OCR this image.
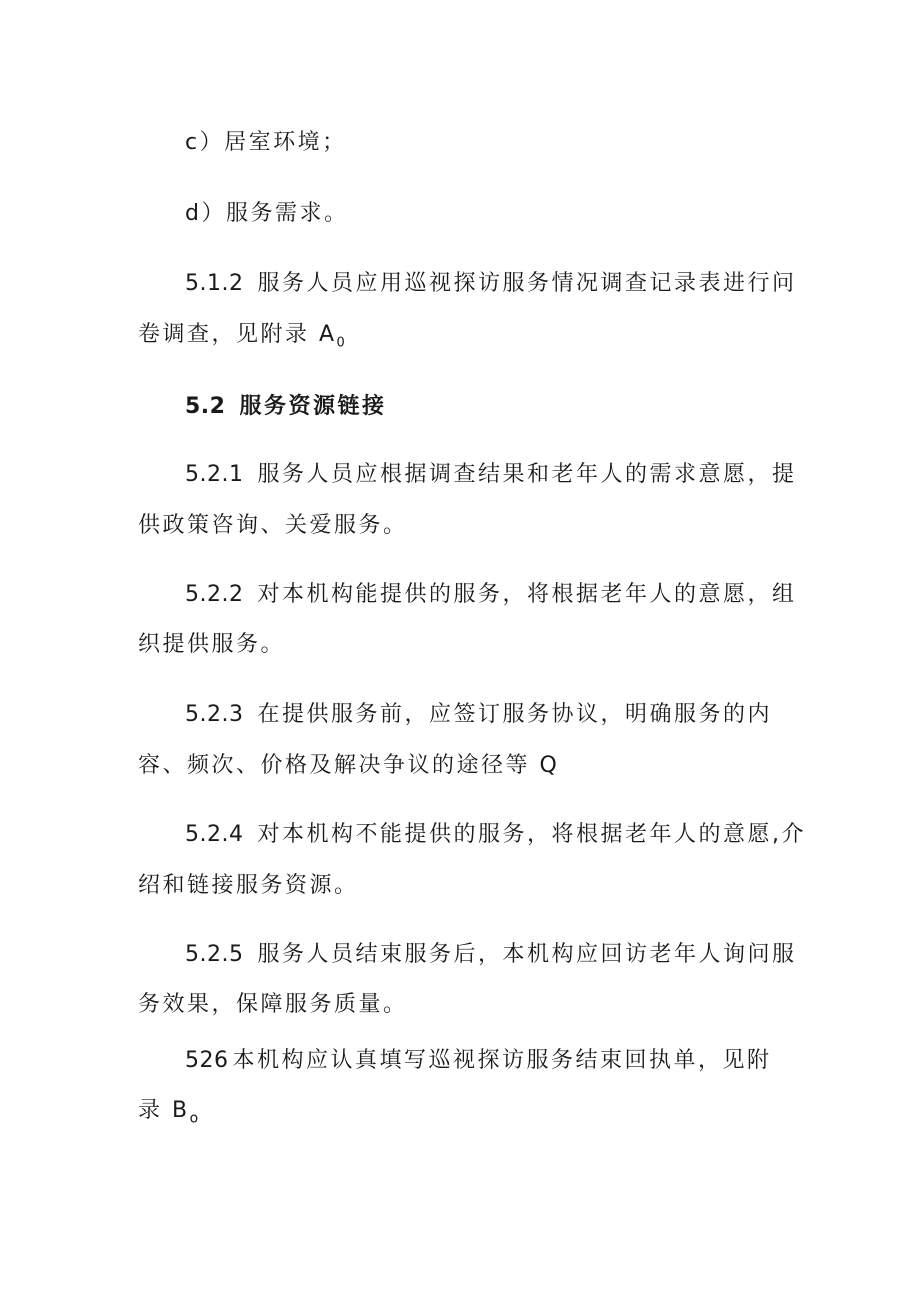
c）居室环境；
d）服务需求。
5.1.2 服务人员应用巡视探访服务情况调查记录表进行问
卷调查，见附录 $A_0$
5.2 服务资源链接
5.2.1 服务人员应根据调查结果和老年人的需求意愿，提
供政策咨询、关爱服务。
5.2.2 对本机构能提供的服务，将根据老年人的意愿，组
织提供服务。
5.2.3 在提供服务前，应签订服务协议，明确服务的内
容、频次、价格及解决争议的途径等 Q
5.2.4 对本机构不能提供的服务，将根据老年人的意愿,介
绍和链接服务资源。
5.2.5 服务人员结束服务后，本机构应回访老年人询问服
务效果，保障服务质量。
526 本机构应认真填写巡视探访服务结束回执单，见附
录 $B_o$
